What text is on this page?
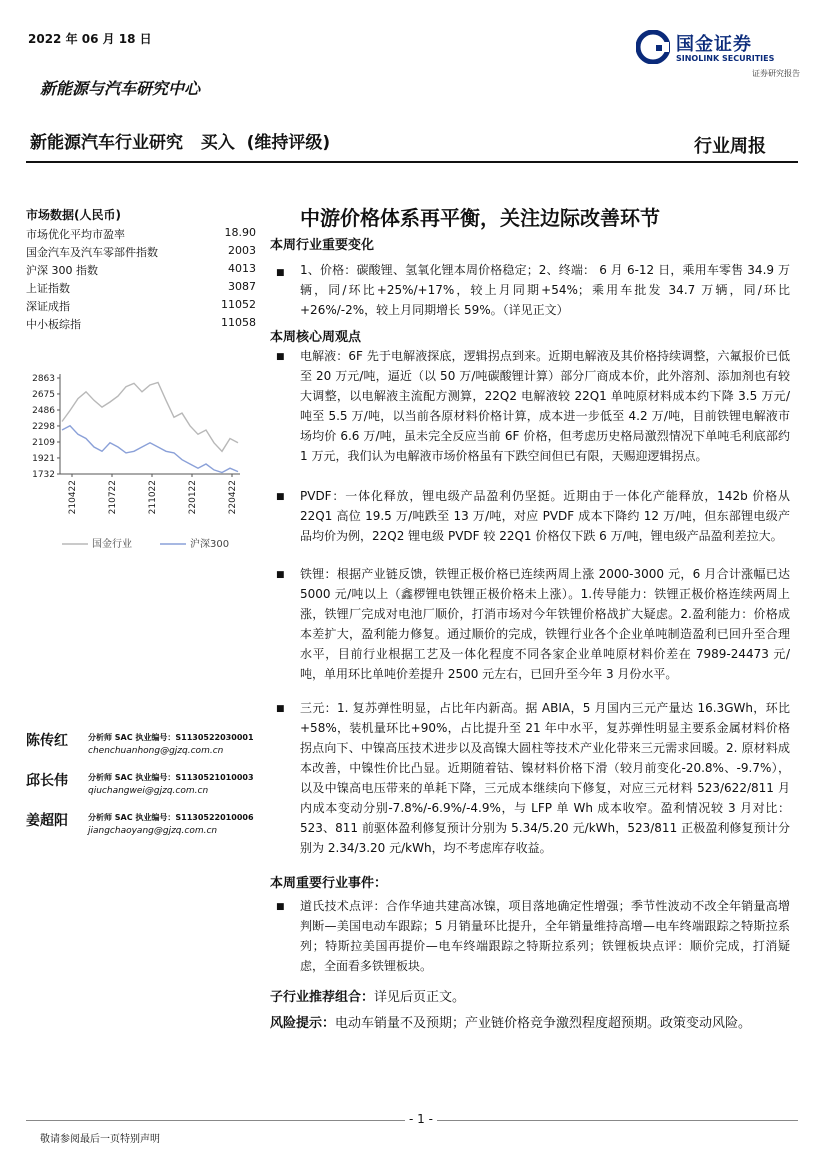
2022 年 06 月 18 日	国金证券
SINOLINK SECURITIES
证券研究报告
新能源与汽车研究中心
新能源汽车行业研究   买入  (维持评级)	行业周报
中游价格体系再平衡，关注边际改善环节
市场数据(人民币)
市场优化平均市盈率	18.90
国金汽车及汽车零部件指数	2003
沪深 300 指数	4013
上证指数	3087
深证成指	11052
中小板综指	11058
2863
2675
2486
2298
2109
1921
1732
210422	210722	211022	220122	220422
国金行业	沪深300
陈传红	分析师 SAC 执业编号：S1130522030001
chenchuanhong@gjzq.com.cn
邱长伟	分析师 SAC 执业编号：S1130521010003
qiuchangwei@gjzq.com.cn
姜超阳	分析师 SAC 执业编号：S1130522010006
jiangchaoyang@gjzq.com.cn
本周行业重要变化
■ 1、价格：碳酸锂、氢氧化锂本周价格稳定；2、终端： 6 月 6-12 日，乘用车零售 34.9 万辆，同/环比+25%/+17%，较上月同期+54%；乘用车批发 34.7 万辆，同/环比+26%/-2%，较上月同期增长 59%。（详见正文）
本周核心周观点
■ 电解液：6F 先于电解液探底，逻辑拐点到来。近期电解液及其价格持续调整，六氟报价已低至 20 万元/吨，逼近（以 50 万/吨碳酸锂计算）部分厂商成本价，此外溶剂、添加剂也有较大调整，以电解液主流配方测算，22Q2 电解液较 22Q1 单吨原材料成本约下降 3.5 万元/吨至 5.5 万/吨，以当前各原材料价格计算，成本进一步低至 4.2 万/吨，目前铁锂电解液市场均价 6.6 万/吨，虽未完全反应当前 6F 价格，但考虑历史格局激烈情况下单吨毛利底部约 1 万元，我们认为电解液市场价格虽有下跌空间但已有限，天赐迎逻辑拐点。
■ PVDF：一体化释放，锂电级产品盈利仍坚挺。近期由于一体化产能释放，142b 价格从 22Q1 高位 19.5 万/吨跌至 13 万/吨，对应 PVDF 成本下降约 12 万/吨，但东部锂电级产品均价为例，22Q2 锂电级 PVDF 较 22Q1 价格仅下跌 6 万/吨，锂电级产品盈利差拉大。
■ 铁锂：根据产业链反馈，铁锂正极价格已连续两周上涨 2000-3000 元，6 月合计涨幅已达 5000 元/吨以上（鑫椤锂电铁锂正极价格未上涨）。1.传导能力：铁锂正极价格连续两周上涨，铁锂厂完成对电池厂顺价，打消市场对今年铁锂价格战扩大疑虑。2.盈利能力：价格成本差扩大，盈利能力修复。通过顺价的完成，铁锂行业各个企业单吨制造盈利已回升至合理水平，目前行业根据工艺及一体化程度不同各家企业单吨原材料价差在 7989-24473 元/吨，单用环比单吨价差提升 2500 元左右，已回升至今年 3 月份水平。
■ 三元：1. 复苏弹性明显，占比年内新高。据 ABIA，5 月国内三元产量达 16.3GWh，环比+58%，装机量环比+90%，占比提升至 21 年中水平，复苏弹性明显主要系金属材料价格拐点向下、中镍高压技术进步以及高镍大圆柱等技术产业化带来三元需求回暖。2. 原材料成本改善，中镍性价比凸显。近期随着钴、镍材料价格下滑（较月前变化-20.8%、-9.7%），以及中镍高电压带来的单耗下降，三元成本继续向下修复，对应三元材料 523/622/811 月内成本变动分别-7.8%/-6.9%/-4.9%，与 LFP 单 Wh 成本收窄。盈利情况较 3 月对比：523、811 前驱体盈利修复预计分别为 5.34/5.20 元/kWh，523/811 正极盈利修复预计分别为 2.34/3.20 元/kWh，均不考虑库存收益。
本周重要行业事件：
■ 道氏技术点评：合作华迪共建高冰镍，项目落地确定性增强；季节性波动不改全年销量高增判断—美国电动车跟踪；5 月销量环比提升，全年销量维持高增—电车终端跟踪之特斯拉系列；特斯拉美国再提价—电车终端跟踪之特斯拉系列；铁锂板块点评：顺价完成，打消疑虑，全面看多铁锂板块。
子行业推荐组合：详见后页正文。
风险提示：电动车销量不及预期；产业链价格竞争激烈程度超预期。政策变动风险。
- 1 -
敬请参阅最后一页特别声明
